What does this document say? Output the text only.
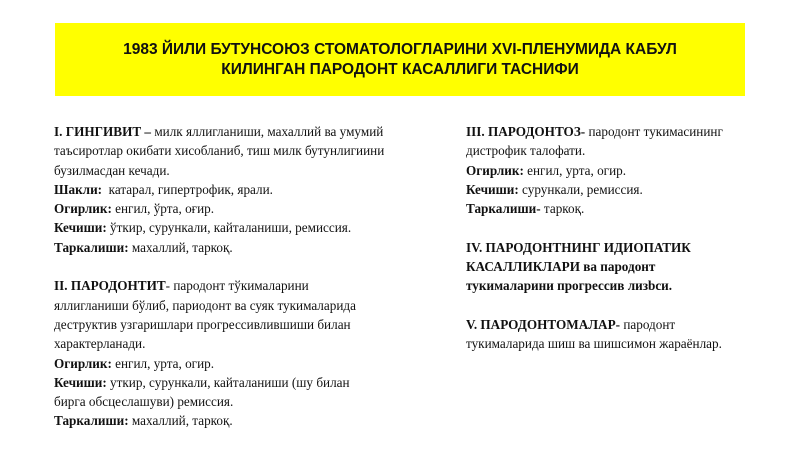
1983 ЙИЛИ БУТУНСОЮЗ СТОМАТОЛОГЛАРИНИ XVI-ПЛЕНУМИДА КАБУЛ
КИЛИНГАН ПАРОДОНТ КАСАЛЛИГИ ТАСНИФИ
I. ГИНГИВИТ – милк яллигланиши, махаллий ва умумий
таъсиротлар окибати хисобланиб, тиш милк бутунлигиини
бузилмасдан кечади.
Шакли:  катарал, гипертрофик, ярали.
Огирлик: енгил, ўрта, оғир.
Кечиши: ўткир, сурункали, кайталаниши, ремиссия.
Таркалиши: махаллий, таркоқ.
II. ПАРОДОНТИТ- пародонт тўкималарини
яллигланиши бўлиб, париодонт ва суяк тукималарида
деструктив узгаришлари прогрессивлившиши билан
характерланади.
Огирлик: енгил, урта, огир.
Кечиши: уткир, сурункали, кайталаниши (шу билан
бирга обсцеслашуви) ремиссия.
Таркалиши: махаллий, таркоқ.
III. ПАРОДОНТОЗ- пародонт тукимасининг
дистрофик талофати.
Огирлик: енгил, урта, огир.
Кечиши: сурункали, ремиссия.
Таркалиши- таркоқ.
IV. ПАРОДОНТНИНГ ИДИОПАТИК
КАСАЛЛИКЛАРИ ва пародонт
тукималарини прогрессив лизbси.
V. ПАРОДОНТОМАЛАР- пародонт
тукималарида шиш ва шишсимон жараёнлар.
